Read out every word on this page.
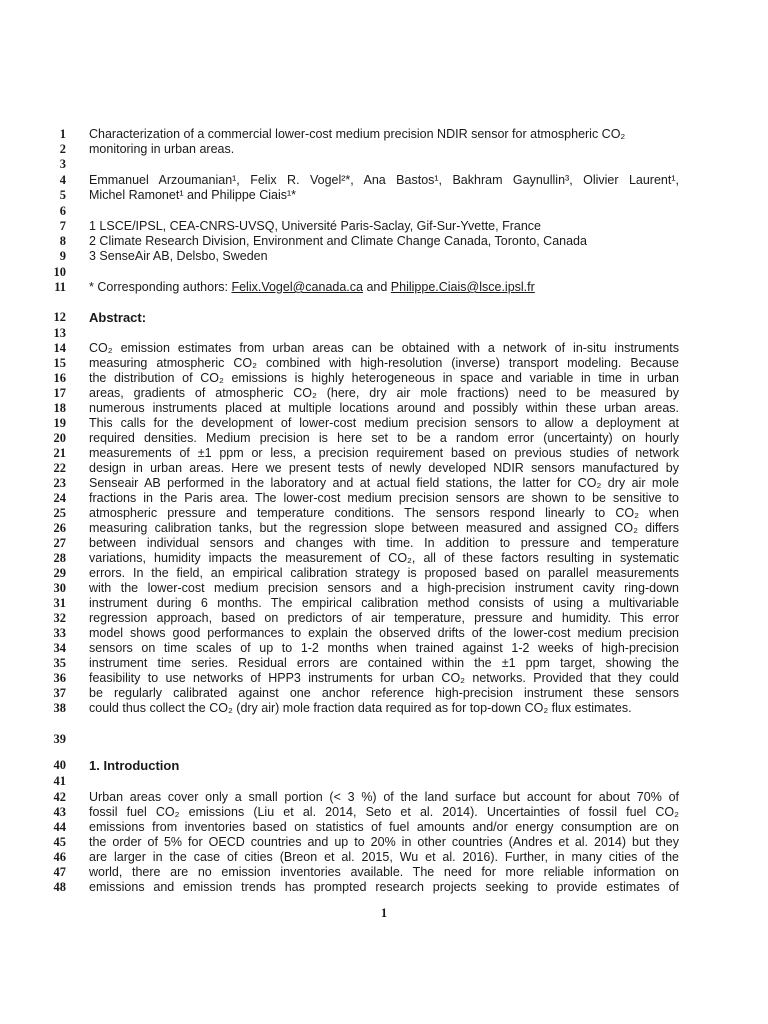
1 Characterization of a commercial lower-cost medium precision NDIR sensor for atmospheric CO₂
2 monitoring in urban areas.
3
4 Emmanuel Arzoumanian¹, Felix R. Vogel²*, Ana Bastos¹, Bakhram Gaynullin³, Olivier Laurent¹,
5 Michel Ramonet¹ and Philippe Ciais¹*
6
7 1 LSCE/IPSL, CEA-CNRS-UVSQ, Université Paris-Saclay, Gif-Sur-Yvette, France
8 2 Climate Research Division, Environment and Climate Change Canada, Toronto, Canada
9 3 SenseAir AB, Delsbo, Sweden
10
11 * Corresponding authors: Felix.Vogel@canada.ca and Philippe.Ciais@lsce.ipsl.fr
12 Abstract:
13
14 CO₂ emission estimates from urban areas can be obtained with a network of in-situ instruments
15 measuring atmospheric CO₂ combined with high-resolution (inverse) transport modeling. Because
16 the distribution of CO₂ emissions is highly heterogeneous in space and variable in time in urban
17 areas, gradients of atmospheric CO₂ (here, dry air mole fractions) need to be measured by
18 numerous instruments placed at multiple locations around and possibly within these urban areas.
19 This calls for the development of lower-cost medium precision sensors to allow a deployment at
20 required densities. Medium precision is here set to be a random error (uncertainty) on hourly
21 measurements of ±1 ppm or less, a precision requirement based on previous studies of network
22 design in urban areas. Here we present tests of newly developed NDIR sensors manufactured by
23 Senseair AB performed in the laboratory and at actual field stations, the latter for CO₂ dry air mole
24 fractions in the Paris area. The lower-cost medium precision sensors are shown to be sensitive to
25 atmospheric pressure and temperature conditions. The sensors respond linearly to CO₂ when
26 measuring calibration tanks, but the regression slope between measured and assigned CO₂ differs
27 between individual sensors and changes with time. In addition to pressure and temperature
28 variations, humidity impacts the measurement of CO₂, all of these factors resulting in systematic
29 errors. In the field, an empirical calibration strategy is proposed based on parallel measurements
30 with the lower-cost medium precision sensors and a high-precision instrument cavity ring-down
31 instrument during 6 months. The empirical calibration method consists of using a multivariable
32 regression approach, based on predictors of air temperature, pressure and humidity. This error
33 model shows good performances to explain the observed drifts of the lower-cost medium precision
34 sensors on time scales of up to 1-2 months when trained against 1-2 weeks of high-precision
35 instrument time series. Residual errors are contained within the ±1 ppm target, showing the
36 feasibility to use networks of HPP3 instruments for urban CO₂ networks. Provided that they could
37 be regularly calibrated against one anchor reference high-precision instrument these sensors
38 could thus collect the CO₂ (dry air) mole fraction data required as for top-down CO₂ flux estimates.
39
40 1. Introduction
41
42 Urban areas cover only a small portion (< 3 %) of the land surface but account for about 70% of
43 fossil fuel CO₂ emissions (Liu et al. 2014, Seto et al. 2014). Uncertainties of fossil fuel CO₂
44 emissions from inventories based on statistics of fuel amounts and/or energy consumption are on
45 the order of 5% for OECD countries and up to 20% in other countries (Andres et al. 2014) but they
46 are larger in the case of cities (Breon et al. 2015, Wu et al. 2016). Further, in many cities of the
47 world, there are no emission inventories available. The need for more reliable information on
48 emissions and emission trends has prompted research projects seeking to provide estimates of
1
